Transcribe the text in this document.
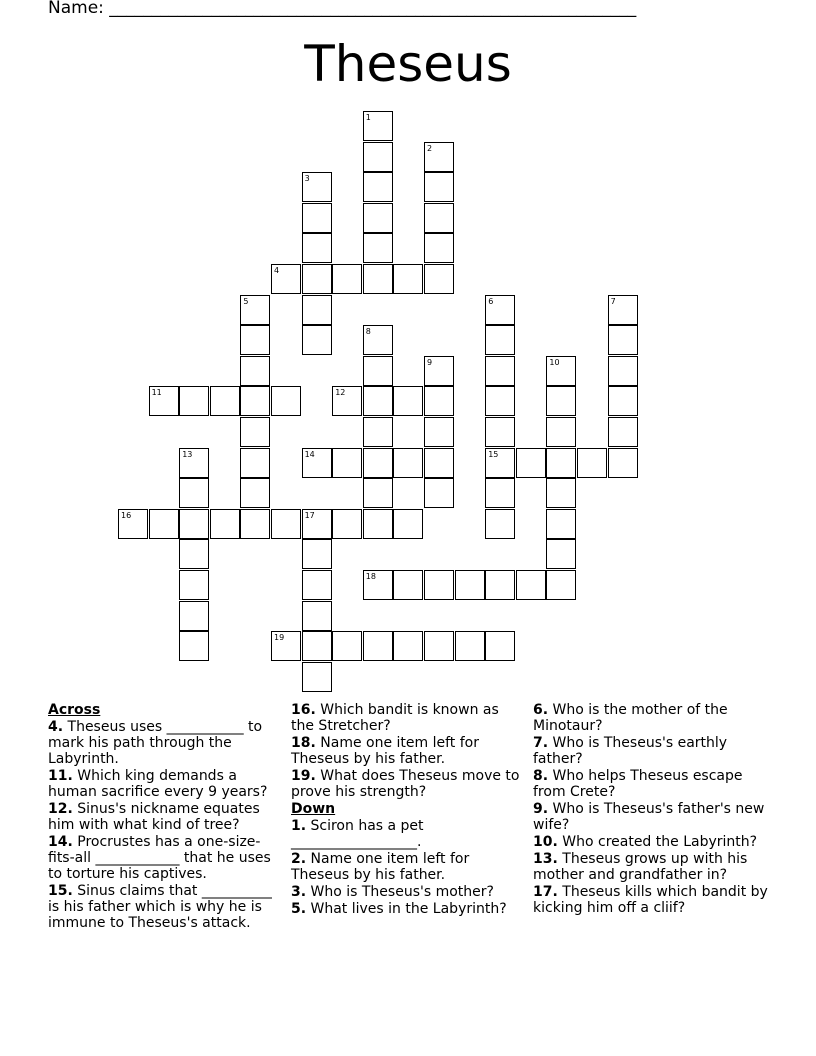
Name: ______________________________________________________________
Theseus
1
2
3
4
5	6
15
7
8
9	10
11	12
13	14
16	17
18
19
Across
4. Theseus uses ___________ to mark his path through the Labyrinth.
11. Which king demands a human sacrifice every 9 years?
12. Sinus's nickname equates him with what kind of tree?
14. Procrustes has a one-size-fits-all ____________ that he uses to torture his captives.
15. Sinus claims that __________ is his father which is why he is immune to Theseus's attack.
16. Which bandit is known as the Stretcher?
18. Name one item left for Theseus by his father.
19. What does Theseus move to prove his strength?
Down
1. Sciron has a pet __________________.
2. Name one item left for Theseus by his father.
3. Who is Theseus's mother?
5. What lives in the Labyrinth?
6. Who is the mother of the Minotaur?
7. Who is Theseus's earthly father?
8. Who helps Theseus escape from Crete?
9. Who is Theseus's father's new wife?
10. Who created the Labyrinth?
13. Theseus grows up with his mother and grandfather in?
17. Theseus kills which bandit by kicking him off a cliif?
